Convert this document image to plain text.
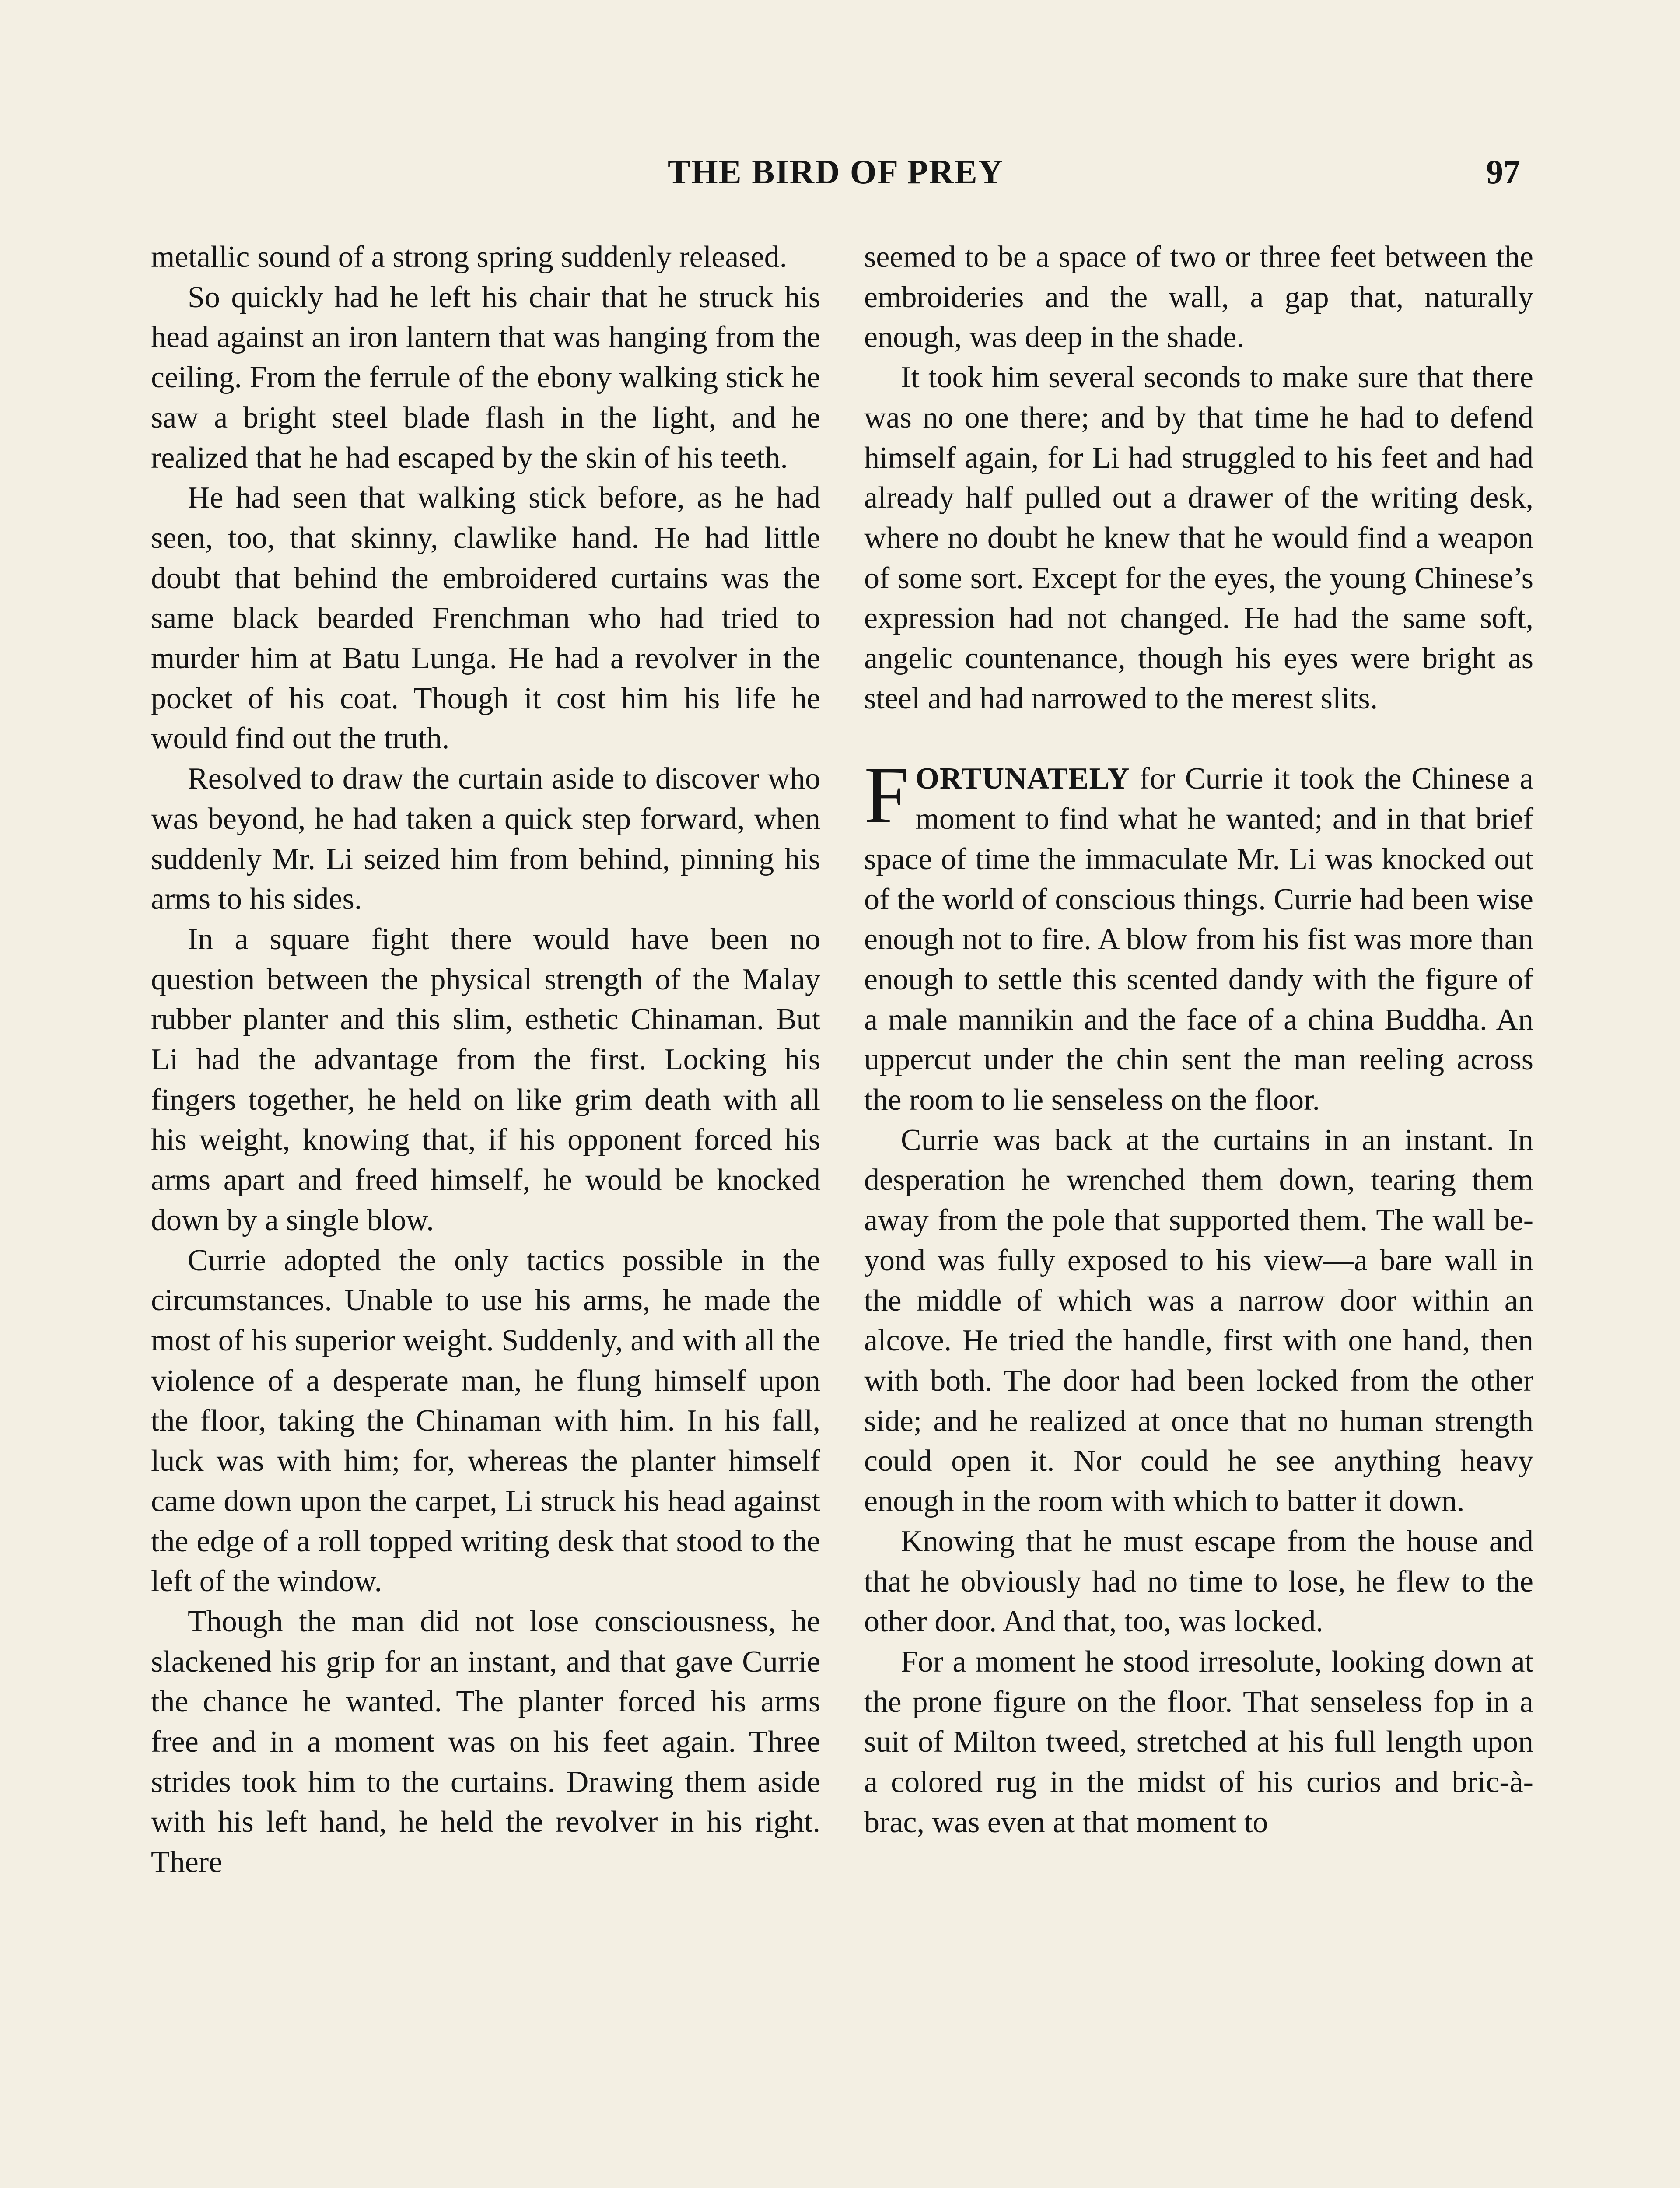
THE BIRD OF PREY	97

metallic sound of a strong spring suddenly released.

So quickly had he left his chair that he struck his head against an iron lantern that was hanging from the ceiling. From the ferrule of the ebony walking stick he saw a bright steel blade flash in the light, and he realized that he had escaped by the skin of his teeth.

He had seen that walking stick before, as he had seen, too, that skinny, clawlike hand. He had little doubt that behind the embroidered curtains was the same black bearded Frenchman who had tried to murder him at Batu Lunga. He had a revolver in the pocket of his coat. Though it cost him his life he would find out the truth.

Resolved to draw the curtain aside to discover who was beyond, he had taken a quick step forward, when suddenly Mr. Li seized him from behind, pinning his arms to his sides.

In a square fight there would have been no question between the physical strength of the Malay rubber planter and this slim, esthetic Chinaman. But Li had the advantage from the first. Locking his fingers together, he held on like grim death with all his weight, knowing that, if his opponent forced his arms apart and freed himself, he would be knocked down by a single blow.

Currie adopted the only tactics possible in the circumstances. Unable to use his arms, he made the most of his superior weight. Suddenly, and with all the violence of a desperate man, he flung himself upon the floor, taking the Chinaman with him. In his fall, luck was with him; for, whereas the planter himself came down upon the carpet, Li struck his head against the edge of a roll topped writing desk that stood to the left of the window.

Though the man did not lose consciousness, he slackened his grip for an instant, and that gave Currie the chance he wanted. The planter forced his arms free and in a moment was on his feet again. Three strides took him to the curtains. Drawing them aside with his left hand, he held the revolver in his right. There

seemed to be a space of two or three feet between the embroideries and the wall, a gap that, naturally enough, was deep in the shade.

It took him several seconds to make sure that there was no one there; and by that time he had to defend himself again, for Li had struggled to his feet and had already half pulled out a drawer of the writing desk, where no doubt he knew that he would find a weapon of some sort. Except for the eyes, the young Chinese’s expression had not changed. He had the same soft, angelic countenance, though his eyes were bright as steel and had narrowed to the merest slits.

FORTUNATELY for Currie it took the Chinese a moment to find what he wanted; and in that brief space of time the immaculate Mr. Li was knocked out of the world of conscious things. Currie had been wise enough not to fire. A blow from his fist was more than enough to settle this scented dandy with the figure of a male mannikin and the face of a china Buddha. An uppercut under the chin sent the man reeling across the room to lie senseless on the floor.

Currie was back at the curtains in an instant. In desperation he wrenched them down, tearing them away from the pole that supported them. The wall beyond was fully exposed to his view—a bare wall in the middle of which was a narrow door within an alcove. He tried the handle, first with one hand, then with both. The door had been locked from the other side; and he realized at once that no human strength could open it. Nor could he see anything heavy enough in the room with which to batter it down.

Knowing that he must escape from the house and that he obviously had no time to lose, he flew to the other door. And that, too, was locked.

For a moment he stood irresolute, looking down at the prone figure on the floor. That senseless fop in a suit of Milton tweed, stretched at his full length upon a colored rug in the midst of his curios and bric-à-brac, was even at that moment to
